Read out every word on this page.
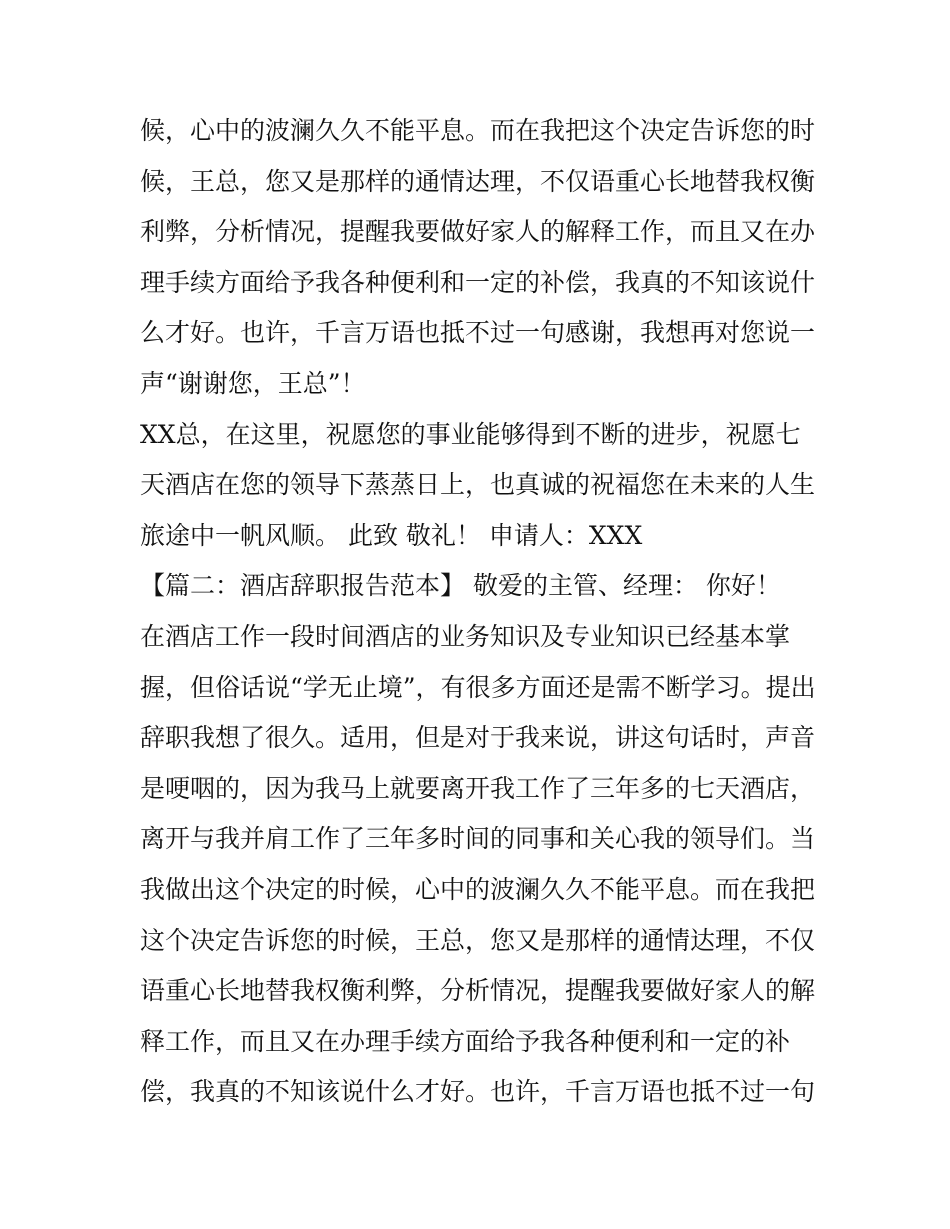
候，心中的波澜久久不能平息。而在我把这个决定告诉您的时
候，王总，您又是那样的通情达理，不仅语重心长地替我权衡
利弊，分析情况，提醒我要做好家人的解释工作，而且又在办
理手续方面给予我各种便利和一定的补偿，我真的不知该说什
么才好。也许，千言万语也抵不过一句感谢，我想再对您说一
声“谢谢您，王总”！
XX总，在这里，祝愿您的事业能够得到不断的进步，祝愿七
天酒店在您的领导下蒸蒸日上，也真诚的祝福您在未来的人生
旅途中一帆风顺。 此致 敬礼！ 申请人：XXX
【篇二：酒店辞职报告范本】 敬爱的主管、经理： 你好！
在酒店工作一段时间酒店的业务知识及专业知识已经基本掌
握，但俗话说“学无止境”，有很多方面还是需不断学习。提出
辞职我想了很久。适用，但是对于我来说，讲这句话时，声音
是哽咽的，因为我马上就要离开我工作了三年多的七天酒店，
离开与我并肩工作了三年多时间的同事和关心我的领导们。当
我做出这个决定的时候，心中的波澜久久不能平息。而在我把
这个决定告诉您的时候，王总，您又是那样的通情达理，不仅
语重心长地替我权衡利弊，分析情况，提醒我要做好家人的解
释工作，而且又在办理手续方面给予我各种便利和一定的补
偿，我真的不知该说什么才好。也许，千言万语也抵不过一句
